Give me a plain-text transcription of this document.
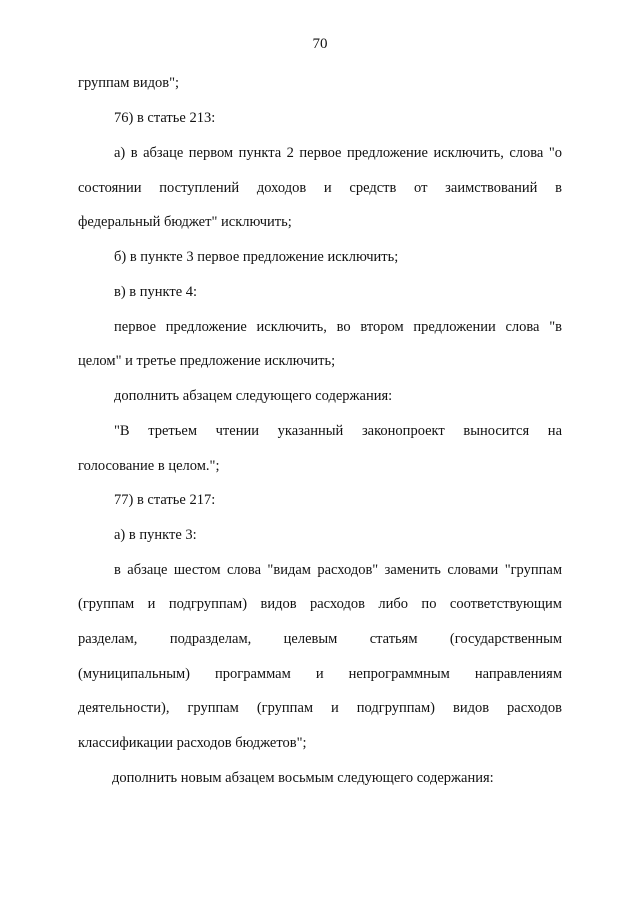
70
группам видов";
76) в статье 213:
а) в абзаце первом пункта 2 первое предложение исключить, слова "о
состоянии поступлений доходов и средств от заимствований в
федеральный бюджет" исключить;
б) в пункте 3 первое предложение исключить;
в) в пункте 4:
первое предложение исключить, во втором предложении слова "в
целом" и третье предложение исключить;
дополнить абзацем следующего содержания:
"В третьем чтении указанный законопроект выносится на
голосование в целом.";
77) в статье 217:
а) в пункте 3:
в абзаце шестом слова "видам расходов" заменить словами "группам
(группам и подгруппам) видов расходов либо по соответствующим
разделам, подразделам, целевым статьям (государственным
(муниципальным) программам и непрограммным направлениям
деятельности), группам (группам и подгруппам) видов расходов
классификации расходов бюджетов";
дополнить новым абзацем восьмым следующего содержания:
